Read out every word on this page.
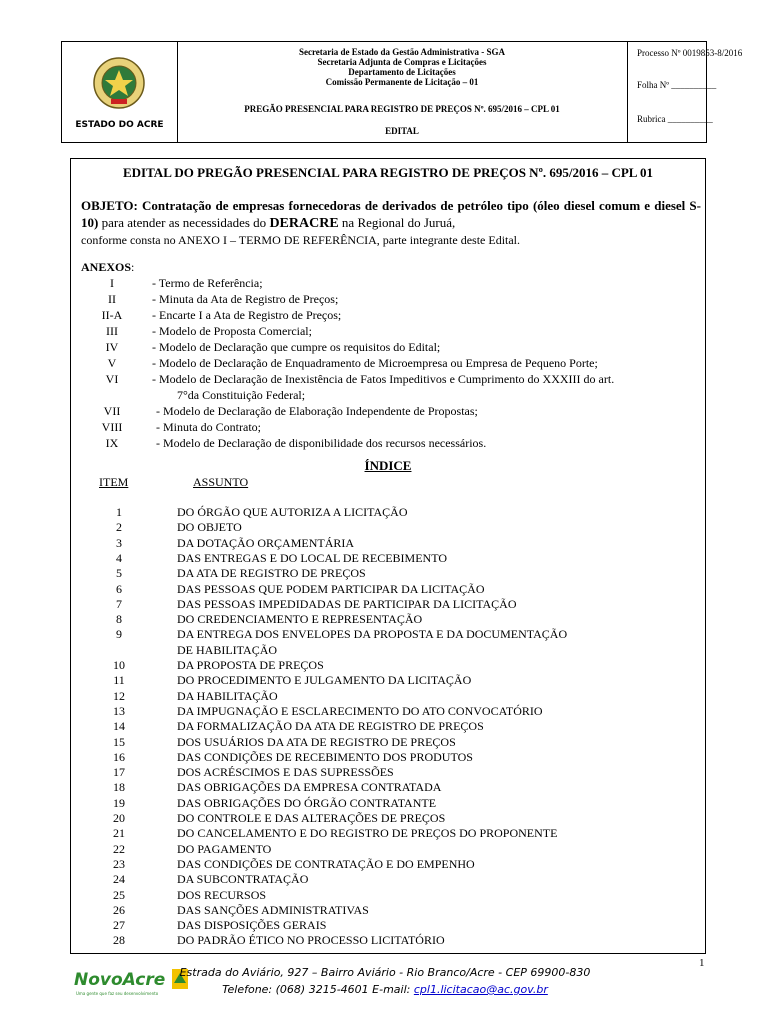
ESTADO DO ACRE
Secretaria de Estado da Gestão Administrativa - SGA
Secretaria Adjunta de Compras e Licitações
Departamento de Licitações
Comissão Permanente de Licitação – 01
PREGÃO PRESENCIAL PARA REGISTRO DE PREÇOS Nº. 695/2016 – CPL 01
EDITAL
Processo Nº 0019853-8/2016
Folha Nº __________
Rubrica __________
EDITAL DO PREGÃO PRESENCIAL PARA REGISTRO DE PREÇOS Nº. 695/2016 – CPL 01
OBJETO: Contratação de empresas fornecedoras de derivados de petróleo tipo (óleo diesel comum e diesel S-10) para atender as necessidades do DERACRE na Regional do Juruá,
conforme consta no ANEXO I – TERMO DE REFERÊNCIA, parte integrante deste Edital.
ANEXOS:
I	- Termo de Referência;
II	- Minuta da Ata de Registro de Preços;
II-A	- Encarte I a Ata de Registro de Preços;
III	- Modelo de Proposta Comercial;
IV	- Modelo de Declaração que cumpre os requisitos do Edital;
V	- Modelo de Declaração de Enquadramento de Microempresa ou Empresa de Pequeno Porte;
VI	- Modelo de Declaração de Inexistência de Fatos Impeditivos e Cumprimento do XXXIII do art.
7°da Constituição Federal;
VII	- Modelo de Declaração de Elaboração Independente de Propostas;
VIII	- Minuta do Contrato;
IX	- Modelo de Declaração de disponibilidade dos recursos necessários.
ÍNDICE
ITEM	ASSUNTO
1	DO ÓRGÃO QUE AUTORIZA A LICITAÇÃO
2	DO OBJETO
3	DA DOTAÇÃO ORÇAMENTÁRIA
4	DAS ENTREGAS E DO LOCAL DE RECEBIMENTO
5	DA ATA DE REGISTRO DE PREÇOS
6	DAS PESSOAS QUE PODEM PARTICIPAR DA LICITAÇÃO
7	DAS PESSOAS IMPEDIDADAS DE PARTICIPAR DA LICITAÇÃO
8	DO CREDENCIAMENTO E REPRESENTAÇÃO
9	DA ENTREGA DOS ENVELOPES DA PROPOSTA E DA DOCUMENTAÇÃO
DE HABILITAÇÃO
10	DA PROPOSTA DE PREÇOS
11	DO PROCEDIMENTO E JULGAMENTO DA LICITAÇÃO
12	DA HABILITAÇÃO
13	DA IMPUGNAÇÃO E ESCLARECIMENTO DO ATO CONVOCATÓRIO
14	DA FORMALIZAÇÃO DA ATA DE REGISTRO DE PREÇOS
15	DOS USUÁRIOS DA ATA DE REGISTRO DE PREÇOS
16	DAS CONDIÇÕES DE RECEBIMENTO DOS PRODUTOS
17	DOS ACRÉSCIMOS E DAS SUPRESSÕES
18	DAS OBRIGAÇÕES DA EMPRESA CONTRATADA
19	DAS OBRIGAÇÕES DO ÓRGÃO CONTRATANTE
20	DO CONTROLE E DAS ALTERAÇÕES DE PREÇOS
21	DO CANCELAMENTO E DO REGISTRO DE PREÇOS DO PROPONENTE
22	DO PAGAMENTO
23	DAS CONDIÇÕES DE CONTRATAÇÃO E DO EMPENHO
24	DA SUBCONTRATAÇÃO
25	DOS RECURSOS
26	DAS SANÇÕES ADMINISTRATIVAS
27	DAS DISPOSIÇÕES GERAIS
28	DO PADRÃO ÉTICO NO PROCESSO LICITATÓRIO
1
NovoAcre
Uma gente que faz seu desenvolvimento
Estrada do Aviário, 927 – Bairro Aviário - Rio Branco/Acre - CEP 69900-830
Telefone: (068) 3215-4601 E-mail: cpl1.licitacao@ac.gov.br
